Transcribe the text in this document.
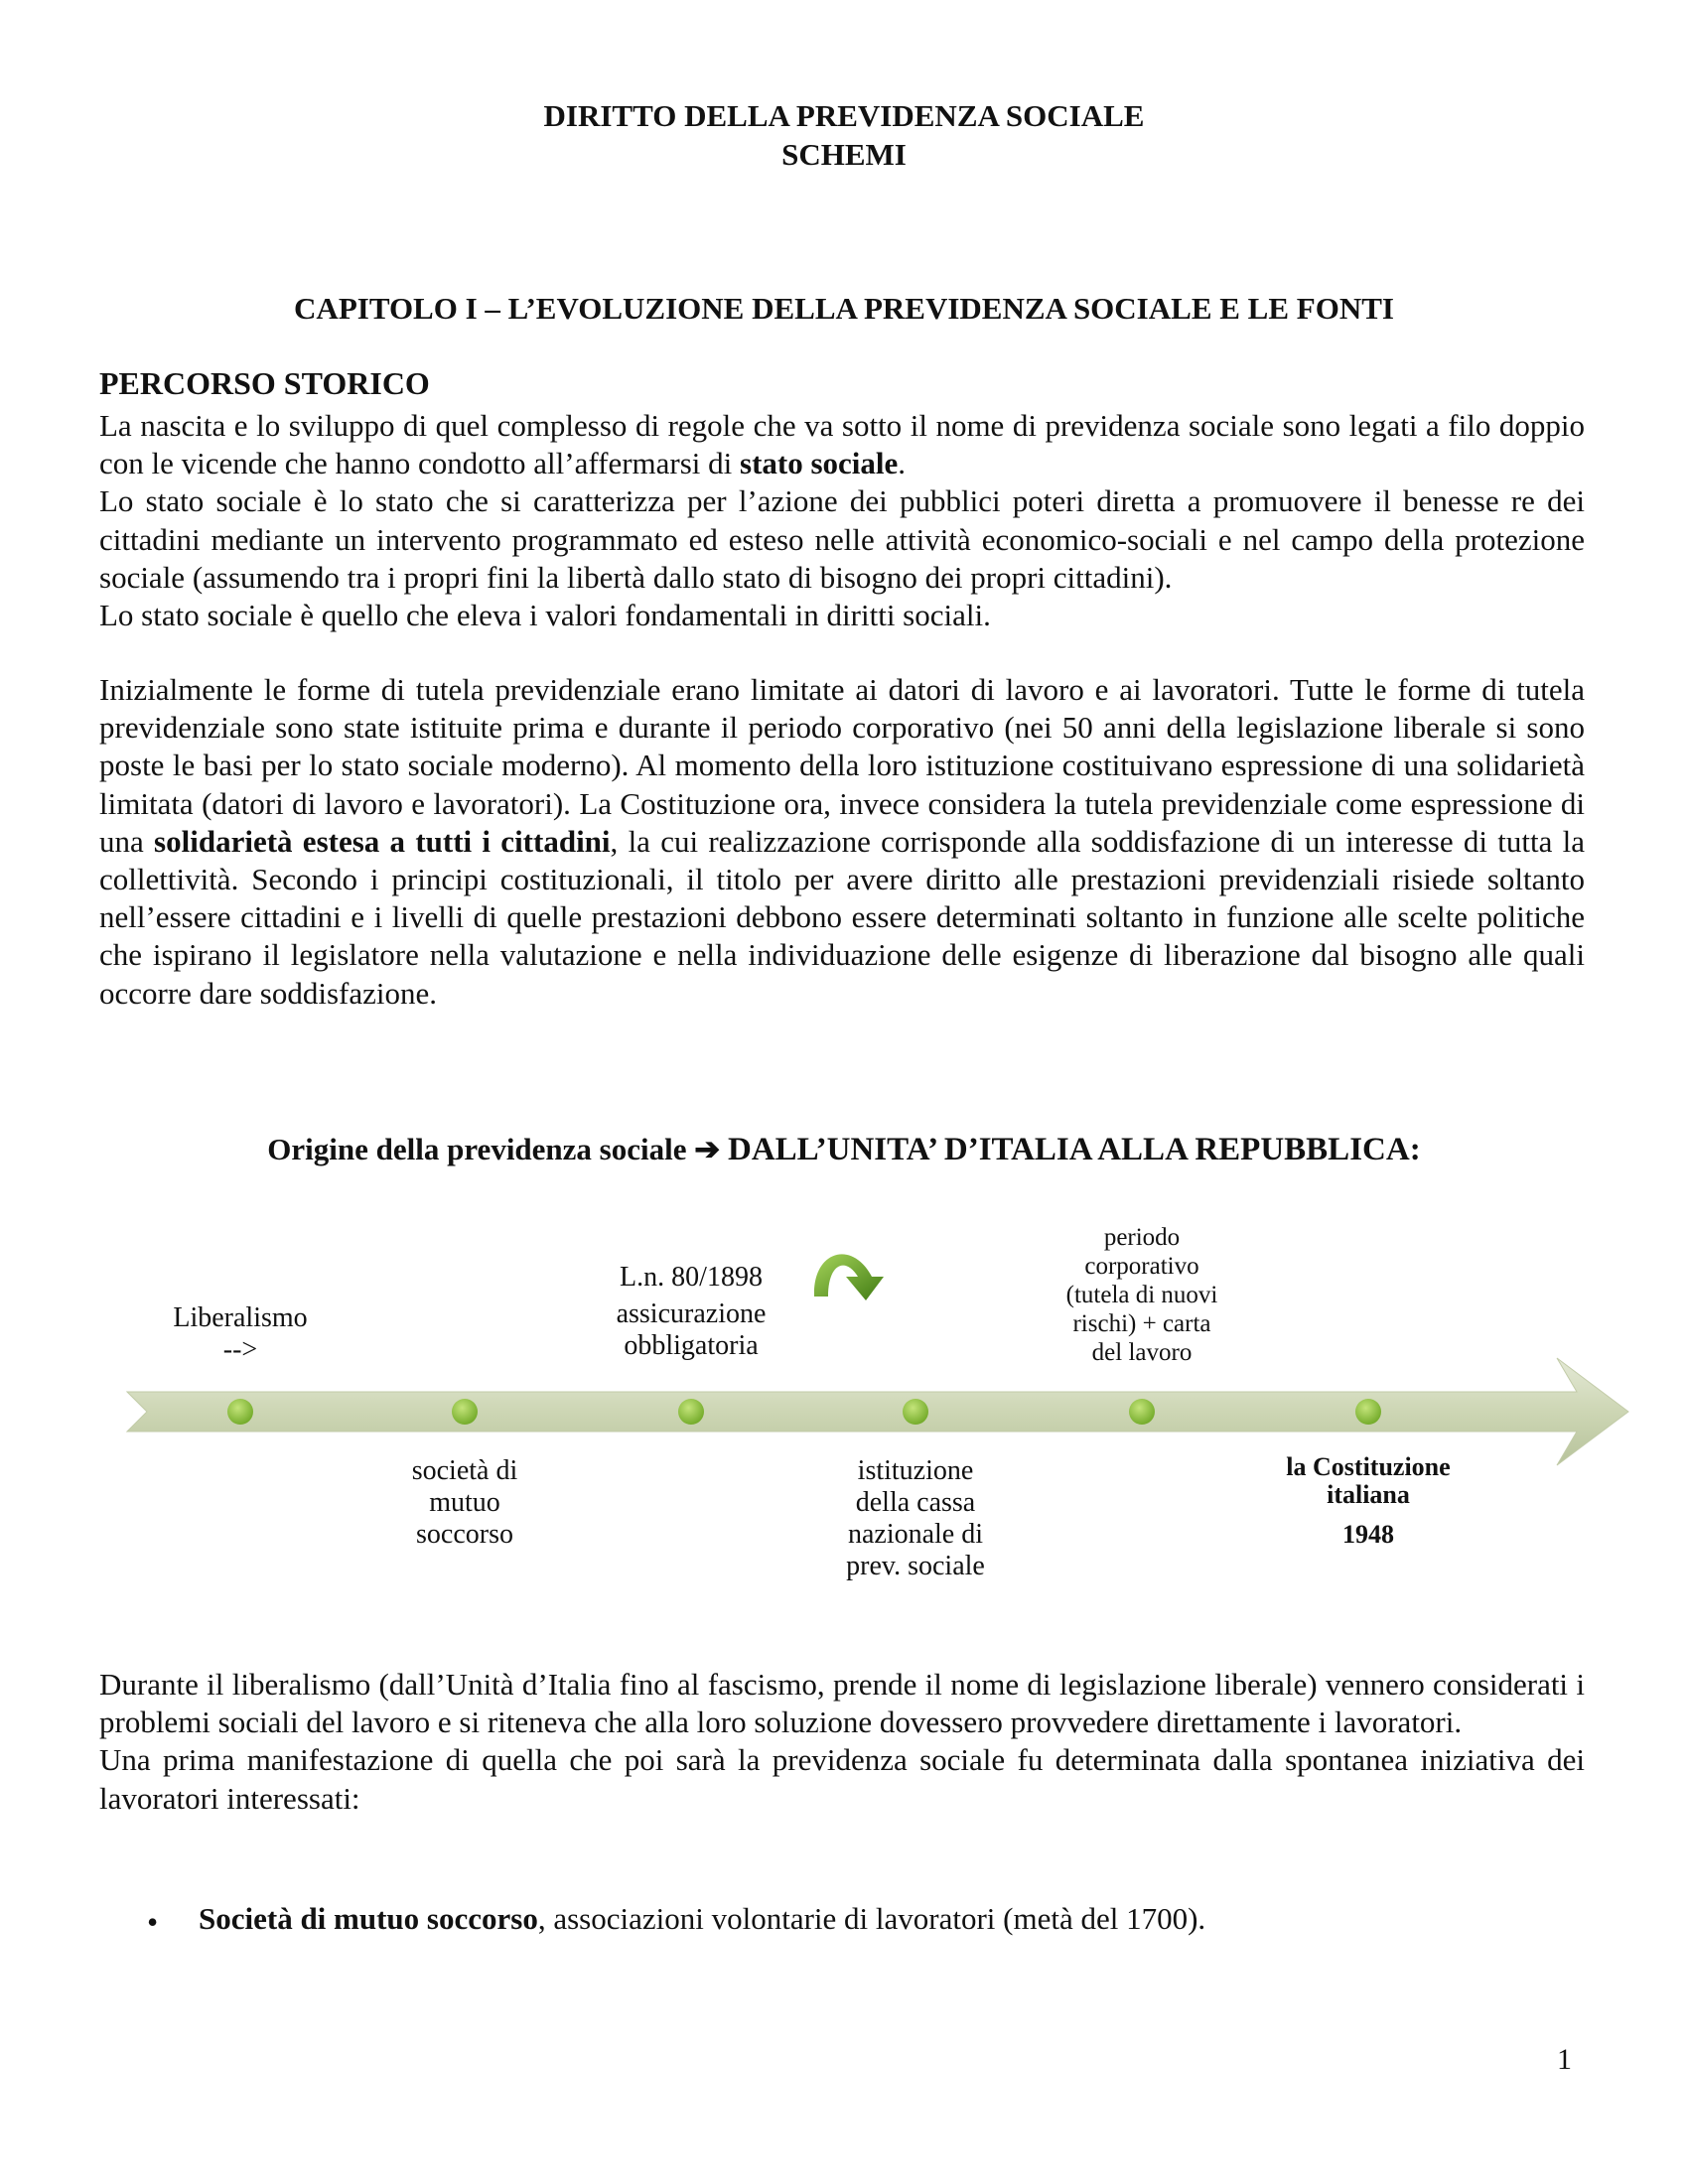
DIRITTO DELLA PREVIDENZA SOCIALE
SCHEMI
CAPITOLO I – L’EVOLUZIONE DELLA PREVIDENZA SOCIALE E LE FONTI
PERCORSO STORICO

La nascita e lo sviluppo di quel complesso di regole che va sotto il nome di previdenza sociale sono legati a filo doppio con le vicende che hanno condotto all’affermarsi di stato sociale.

Lo stato sociale è lo stato che si caratterizza per l’azione dei pubblici poteri diretta a promuovere il benesse re dei cittadini mediante un intervento programmato ed esteso nelle attività economico-sociali e nel campo della protezione sociale (assumendo tra i propri fini la libertà dallo stato di bisogno dei propri cittadini).

Lo stato sociale è quello che eleva i valori fondamentali in diritti sociali.

Inizialmente le forme di tutela previdenziale erano limitate ai datori di lavoro e ai lavoratori. Tutte le forme di tutela previdenziale sono state istituite prima e durante il periodo corporativo (nei 50 anni della legislazione liberale si sono poste le basi per lo stato sociale moderno). Al momento della loro istituzione costituivano espressione di una solidarietà limitata (datori di lavoro e lavoratori). La Costituzione ora, invece considera la tutela previdenziale come espressione di una solidarietà estesa a tutti i cittadini, la cui realizzazione corrisponde alla soddisfazione di un interesse di tutta la collettività. Secondo i principi costituzionali, il titolo per avere diritto alle prestazioni previdenziali risiede soltanto nell’essere cittadini e i livelli di quelle prestazioni debbono essere determinati soltanto in funzione alle scelte politiche che ispirano il legislatore nella valutazione e nella individuazione delle esigenze di liberazione dal bisogno alle quali occorre dare soddisfazione.

Origine della previdenza sociale ➔ DALL’UNITA’ D’ITALIA ALLA REPUBBLICA:
Liberalismo
-->
L.n. 80/1898
assicurazione
obbligatoria
periodo
corporativo
(tutela di nuovi
rischi) + carta
del lavoro
società di
mutuo
soccorso
istituzione
della cassa
nazionale di
prev. sociale
la Costituzione
italiana
1948

Durante il liberalismo (dall’Unità d’Italia fino al fascismo, prende il nome di legislazione liberale) vennero considerati i problemi sociali del lavoro e si riteneva che alla loro soluzione dovessero provvedere direttamente i lavoratori.

Una prima manifestazione di quella che poi sarà la previdenza sociale fu determinata dalla spontanea iniziativa dei lavoratori interessati:

• Società di mutuo soccorso, associazioni volontarie di lavoratori (metà del 1700).
1
